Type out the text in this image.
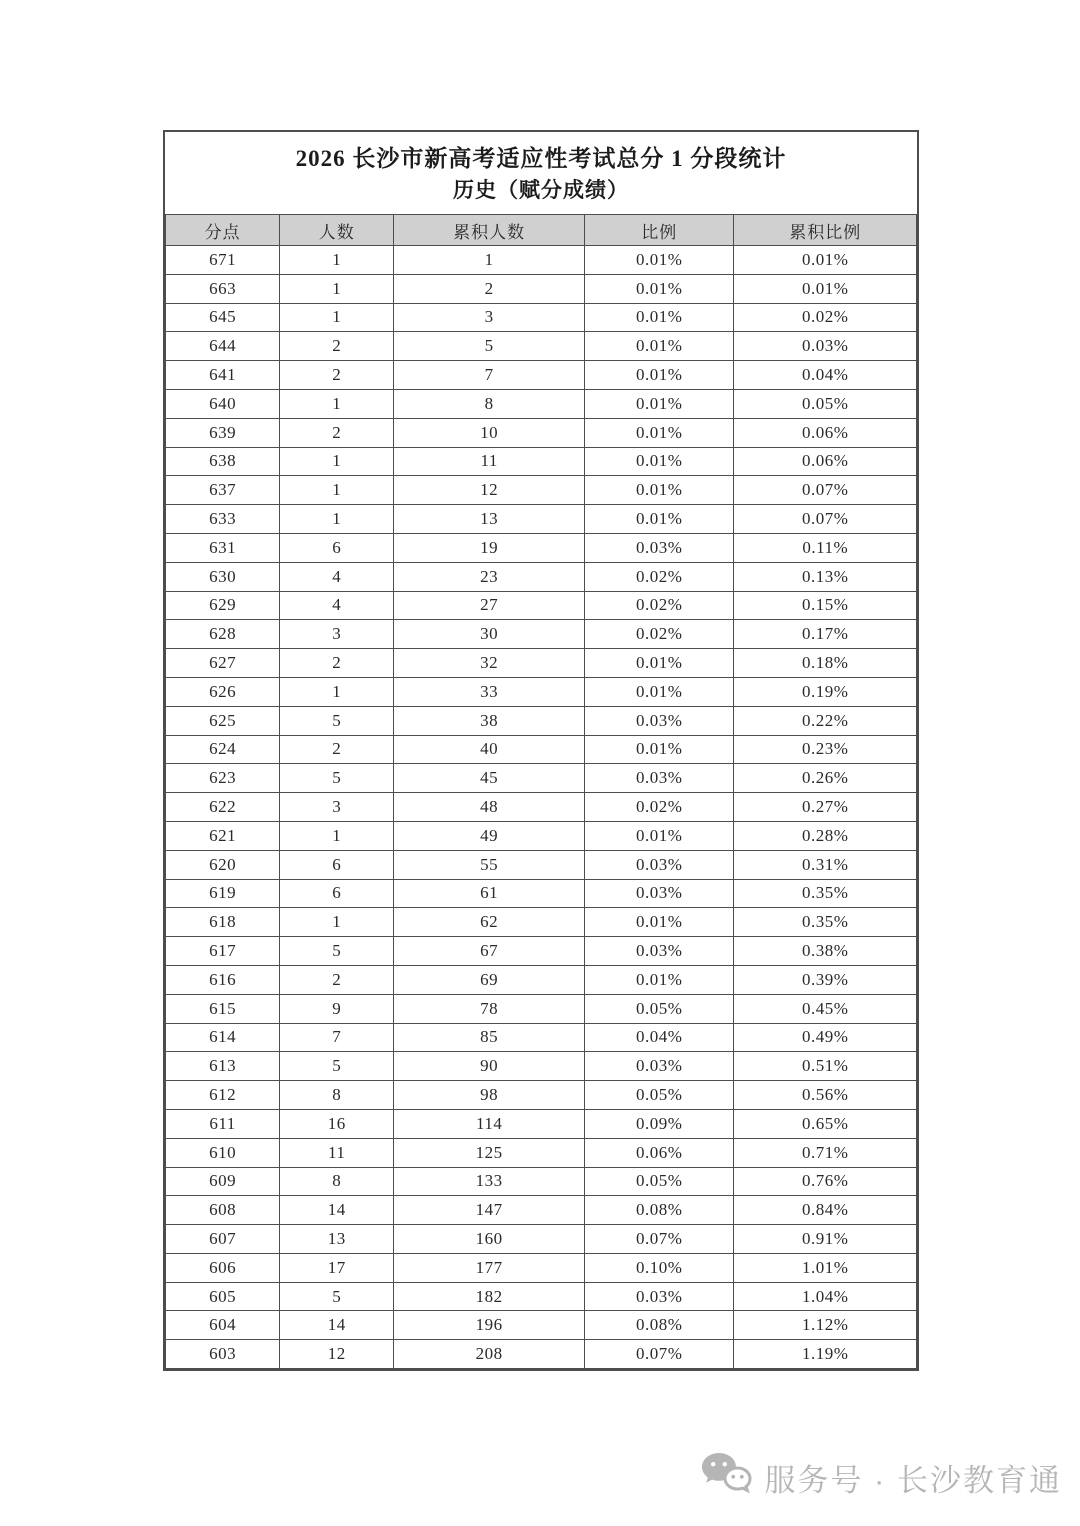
2026 长沙市新高考适应性考试总分 1 分段统计
历史（赋分成绩）
分点	人数	累积人数	比例	累积比例
671	1	1	0.01%	0.01%
663	1	2	0.01%	0.01%
645	1	3	0.01%	0.02%
644	2	5	0.01%	0.03%
641	2	7	0.01%	0.04%
640	1	8	0.01%	0.05%
639	2	10	0.01%	0.06%
638	1	11	0.01%	0.06%
637	1	12	0.01%	0.07%
633	1	13	0.01%	0.07%
631	6	19	0.03%	0.11%
630	4	23	0.02%	0.13%
629	4	27	0.02%	0.15%
628	3	30	0.02%	0.17%
627	2	32	0.01%	0.18%
626	1	33	0.01%	0.19%
625	5	38	0.03%	0.22%
624	2	40	0.01%	0.23%
623	5	45	0.03%	0.26%
622	3	48	0.02%	0.27%
621	1	49	0.01%	0.28%
620	6	55	0.03%	0.31%
619	6	61	0.03%	0.35%
618	1	62	0.01%	0.35%
617	5	67	0.03%	0.38%
616	2	69	0.01%	0.39%
615	9	78	0.05%	0.45%
614	7	85	0.04%	0.49%
613	5	90	0.03%	0.51%
612	8	98	0.05%	0.56%
611	16	114	0.09%	0.65%
610	11	125	0.06%	0.71%
609	8	133	0.05%	0.76%
608	14	147	0.08%	0.84%
607	13	160	0.07%	0.91%
606	17	177	0.10%	1.01%
605	5	182	0.03%	1.04%
604	14	196	0.08%	1.12%
603	12	208	0.07%	1.19%
服务号 · 长沙教育通
